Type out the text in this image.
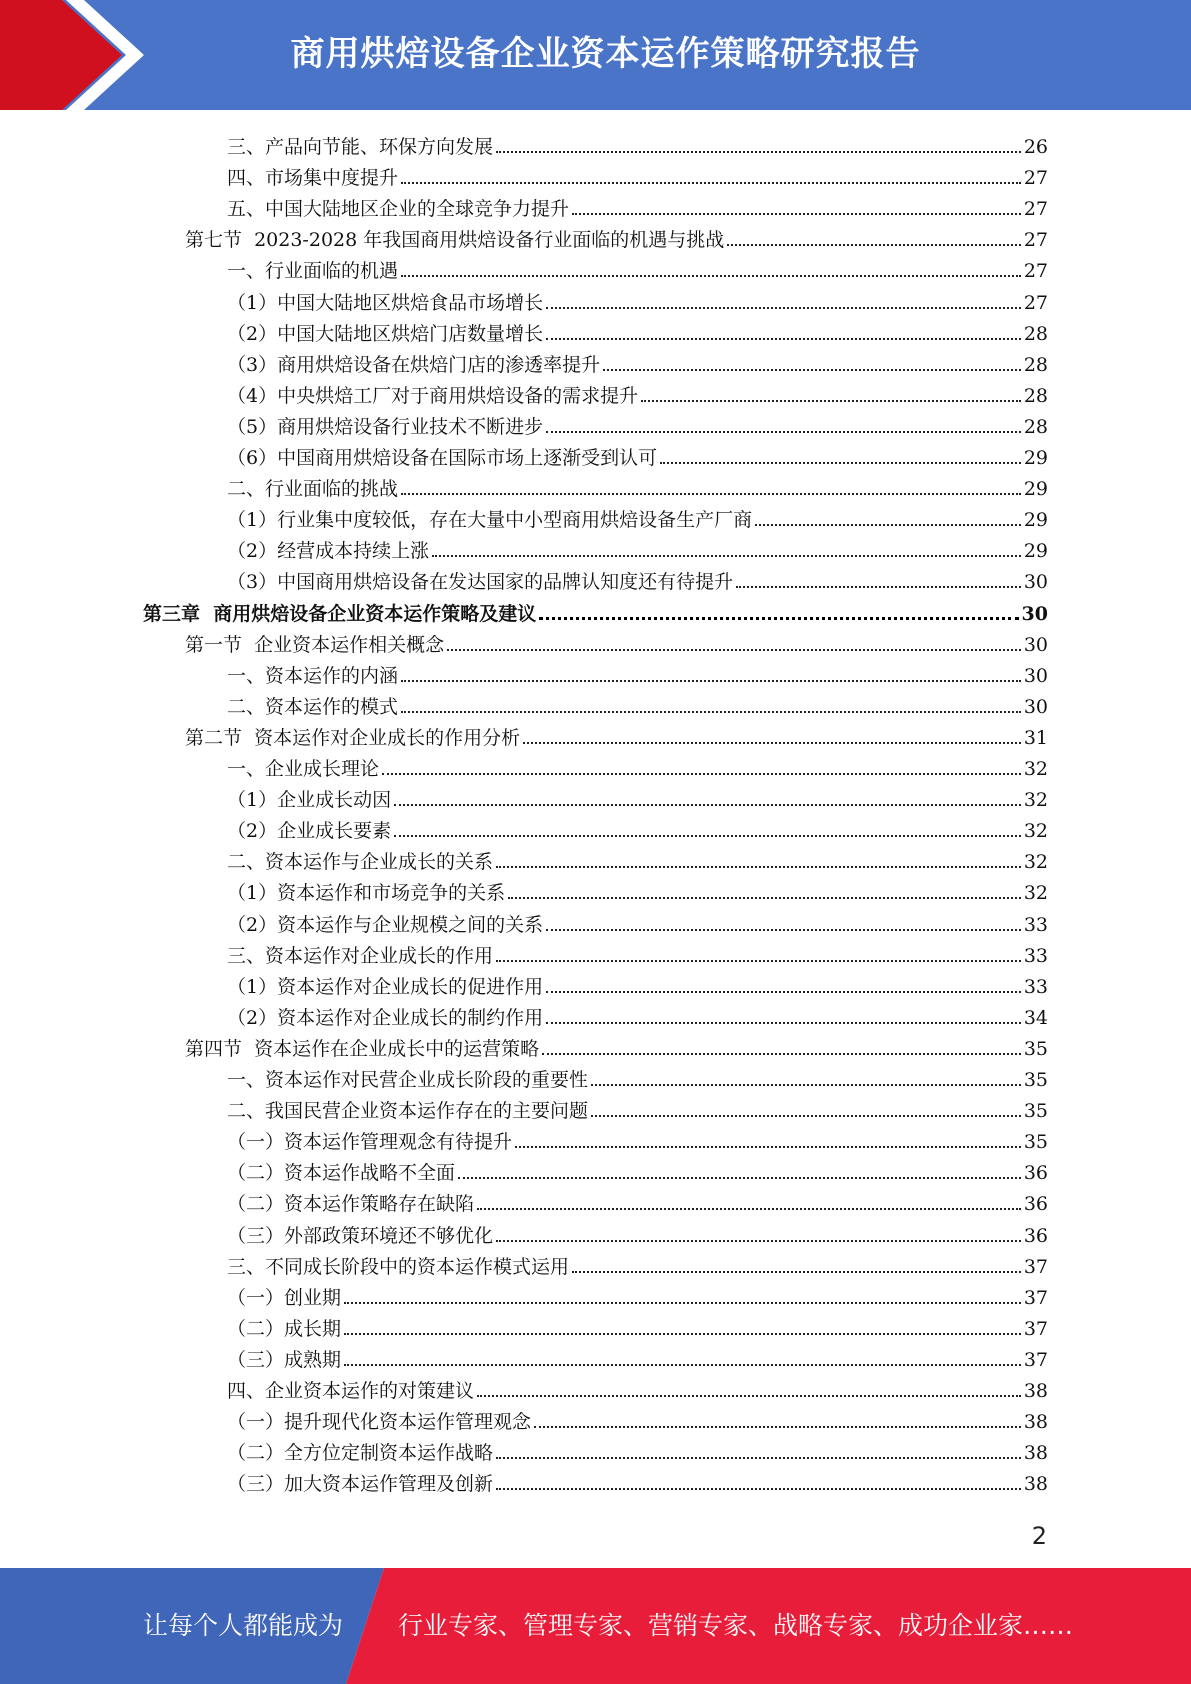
商用烘焙设备企业资本运作策略研究报告
三、产品向节能、环保方向发展	26
四、市场集中度提升	27
五、中国大陆地区企业的全球竞争力提升	27
第七节  2023-2028 年我国商用烘焙设备行业面临的机遇与挑战	27
一、行业面临的机遇	27
（1）中国大陆地区烘焙食品市场增长	27
（2）中国大陆地区烘焙门店数量增长	28
（3）商用烘焙设备在烘焙门店的渗透率提升	28
（4）中央烘焙工厂对于商用烘焙设备的需求提升	28
（5）商用烘焙设备行业技术不断进步	28
（6）中国商用烘焙设备在国际市场上逐渐受到认可	29
二、行业面临的挑战	29
（1）行业集中度较低，存在大量中小型商用烘焙设备生产厂商	29
（2）经营成本持续上涨	29
（3）中国商用烘焙设备在发达国家的品牌认知度还有待提升	30
第三章  商用烘焙设备企业资本运作策略及建议	30
第一节  企业资本运作相关概念	30
一、资本运作的内涵	30
二、资本运作的模式	30
第二节  资本运作对企业成长的作用分析	31
一、企业成长理论	32
（1）企业成长动因	32
（2）企业成长要素	32
二、资本运作与企业成长的关系	32
（1）资本运作和市场竞争的关系	32
（2）资本运作与企业规模之间的关系	33
三、资本运作对企业成长的作用	33
（1）资本运作对企业成长的促进作用	33
（2）资本运作对企业成长的制约作用	34
第四节  资本运作在企业成长中的运营策略	35
一、资本运作对民营企业成长阶段的重要性	35
二、我国民营企业资本运作存在的主要问题	35
（一）资本运作管理观念有待提升	35
（二）资本运作战略不全面	36
（二）资本运作策略存在缺陷	36
（三）外部政策环境还不够优化	36
三、不同成长阶段中的资本运作模式运用	37
（一）创业期	37
（二）成长期	37
（三）成熟期	37
四、企业资本运作的对策建议	38
（一）提升现代化资本运作管理观念	38
（二）全方位定制资本运作战略	38
（三）加大资本运作管理及创新	38
2
让每个人都能成为 行业专家、管理专家、营销专家、战略专家、成功企业家……
